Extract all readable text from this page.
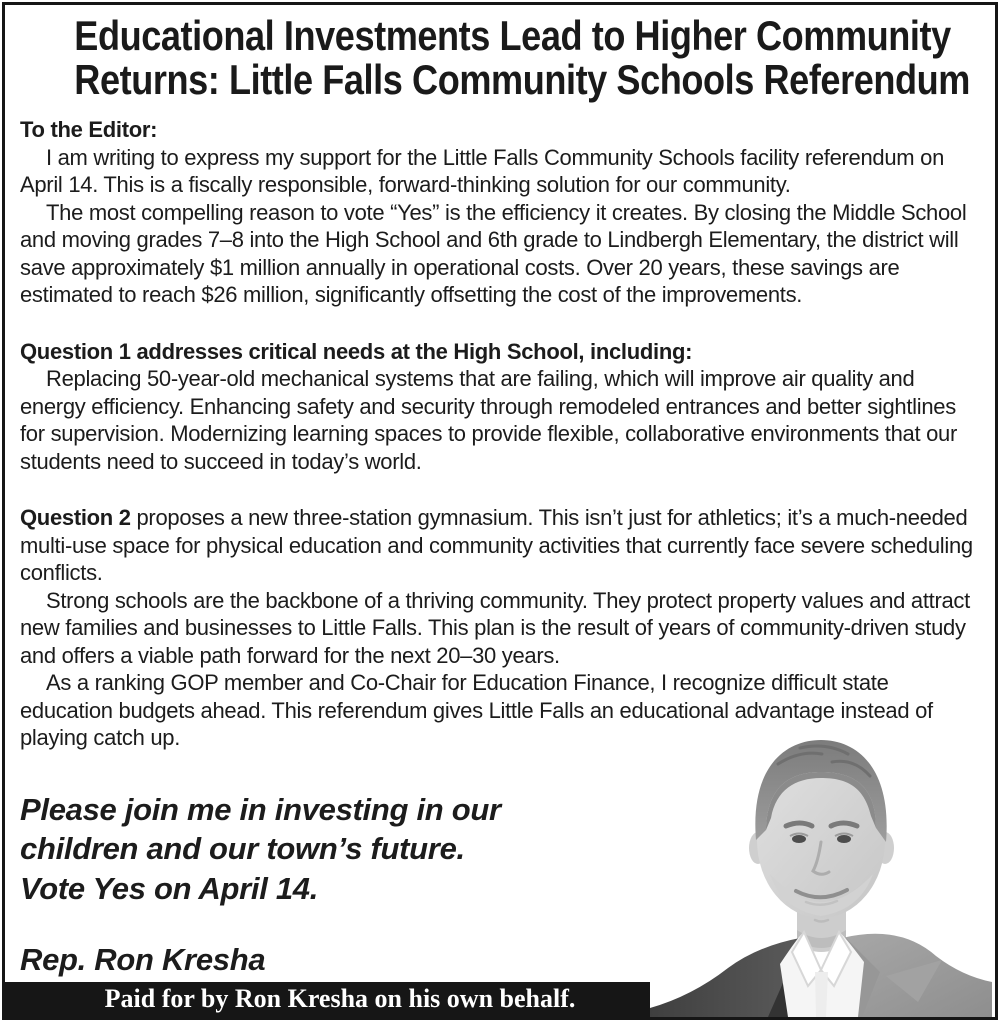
Educational Investments Lead to Higher Community
Returns: Little Falls Community Schools Referendum

To the Editor:

I am writing to express my support for the Little Falls Community Schools facility referendum on April 14. This is a fiscally responsible, forward-thinking solution for our community.

The most compelling reason to vote “Yes” is the efficiency it creates. By closing the Middle School and moving grades 7–8 into the High School and 6th grade to Lindbergh Elementary, the district will save approximately $1 million annually in operational costs. Over 20 years, these savings are estimated to reach $26 million, significantly offsetting the cost of the improvements.

Question 1 addresses critical needs at the High School, including:

Replacing 50-year-old mechanical systems that are failing, which will improve air quality and energy efficiency. Enhancing safety and security through remodeled entrances and better sightlines for supervision. Modernizing learning spaces to provide flexible, collaborative environments that our students need to succeed in today’s world.

Question 2 proposes a new three-station gymnasium. This isn’t just for athletics; it’s a much-needed multi-use space for physical education and community activities that currently face severe scheduling conflicts.

Strong schools are the backbone of a thriving community. They protect property values and attract new families and businesses to Little Falls. This plan is the result of years of community-driven study and offers a viable path forward for the next 20–30 years.

As a ranking GOP member and Co-Chair for Education Finance, I recognize difficult state education budgets ahead. This referendum gives Little Falls an educational advantage instead of playing catch up.

Please join me in investing in our
children and our town’s future.
Vote Yes on April 14.
Rep. Ron Kresha
Paid for by Ron Kresha on his own behalf.
